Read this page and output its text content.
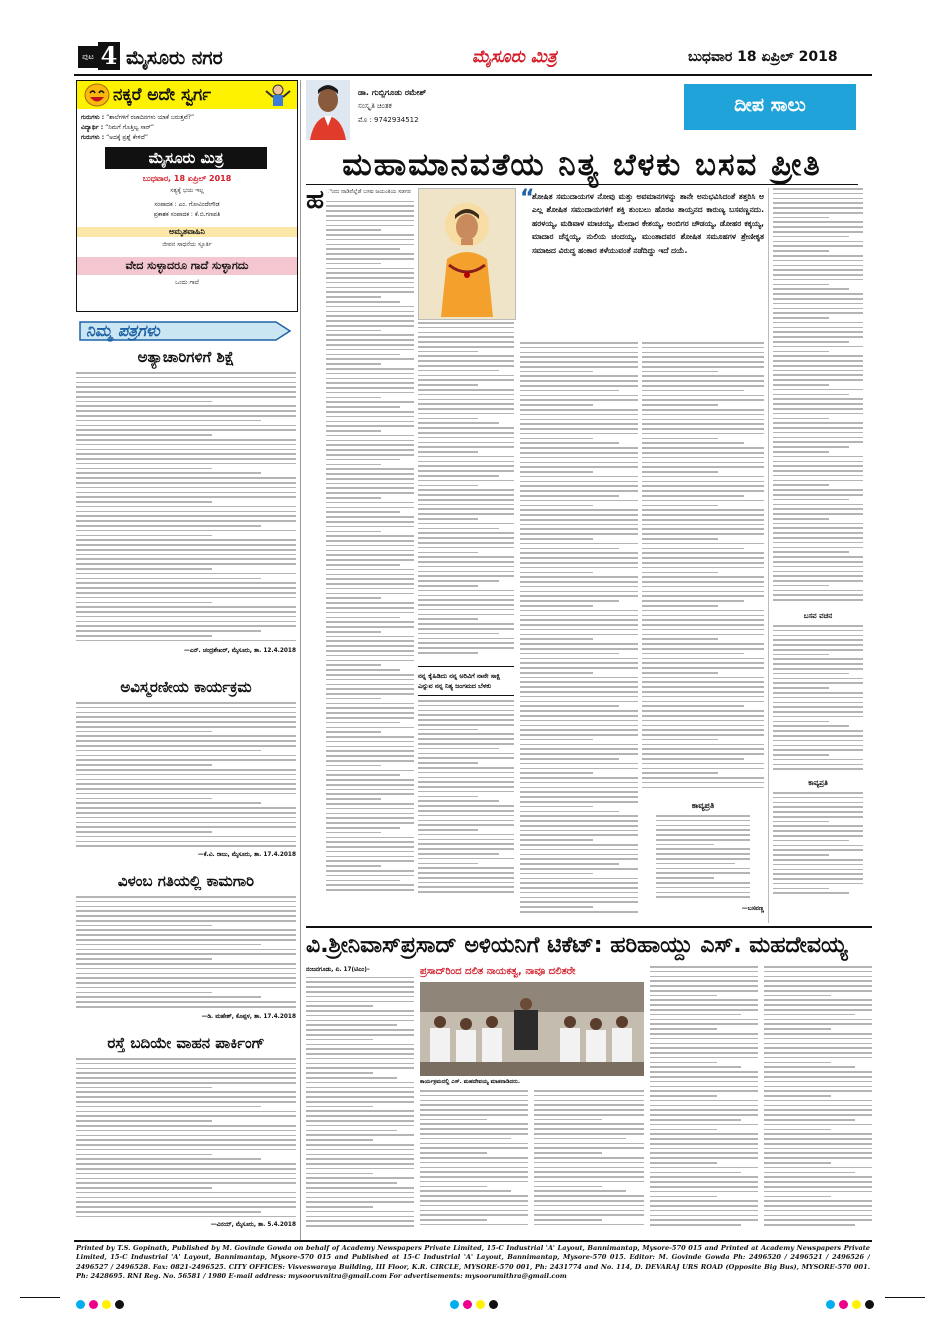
ಪುಟ 4 ಮೈಸೂರು ನಗರ	ಮೈಸೂರು ಮಿತ್ರ	ಬುಧವಾರ 18 ಏಪ್ರಿಲ್ 2018
ನಕ್ಕರೆ ಅದೇ ಸ್ವರ್ಗ
ಗುರುಗಳು : “ಶಾಲೆಗಳಿಗೆ ರಜಾದಿನಗಳು ಯಾಕೆ ಬರುತ್ತವೆ?”
ವಿದ್ಯಾರ್ಥಿ : “ನಿಮಗೆ ಗೊತ್ತಿಲ್ವ ಸಾರ್”
ಗುರುಗಳು : “ಅದಕ್ಕೆ ಪ್ರಶ್ನೆ ಕೇಳಿದೆ”
ಮೈಸೂರು ಮಿತ್ರ
ಬುಧವಾರ, 18 ಏಪ್ರಿಲ್ 2018
ಸತ್ಯಕ್ಕೆ ಭಯ ಇಲ್ಲ
ಸಂಪಾದಕ : ಎಂ. ಗೋವಿಂದೇಗೌಡ
ಪ್ರಕಾಶಕ ಸಂಪಾದಕ : ಕೆ.ಬಿ.ಗಣಪತಿ
ಅಮೃತವಾಹಿನಿ
ಜೀವನ ಸಾಧನೆಯ ಸ್ಫೂರ್ತಿ
ವೇದ ಸುಳ್ಳಾದರೂ ಗಾದೆ ಸುಳ್ಳಾಗದು
ಒಂದು ಗಾದೆ
ನಿಮ್ಮ ಪತ್ರಗಳು
ಅತ್ಯಾಚಾರಿಗಳಿಗೆ ಶಿಕ್ಷೆ
—ಎನ್. ಚಂದ್ರಶೇಖರ್, ಮೈಸೂರು, ತಾ. 12.4.2018
ಅವಿಸ್ಮರಣೀಯ ಕಾರ್ಯಕ್ರಮ
—ಕೆ.ವಿ. ರಾಜು, ಮೈಸೂರು, ತಾ. 17.4.2018
ವಿಳಂಬ ಗತಿಯಲ್ಲಿ ಕಾಮಗಾರಿ
—ಡಿ. ಮಹೇಶ್, ಕೊಪ್ಪಳ, ತಾ. 17.4.2018
ರಸ್ತೆ ಬದಿಯೇ ವಾಹನ ಪಾರ್ಕಿಂಗ್
—ವಿನಯ್, ಮೈಸೂರು, ತಾ. 5.4.2018
ಡಾ. ಗುಬ್ಬಿಗೂಡು ರಮೇಶ್
ಸಂಸ್ಕೃತಿ ಚಿಂತಕ
ಮೊ : 9742934512
ದೀಪ ಸಾಲು
ಮಹಾಮಾನವತೆಯ ನಿತ್ಯ ಬೆಳಕು ಬಸವ ಪ್ರೀತಿ
ಹ ಿಂದು ನಾಡಿನೆಲ್ಲೆಡೆ ಬಸವ ಜಯಂತಿಯ ಸಡಗರ
ನನ್ನ ಕೈಹಿಡಿದು ನನ್ನ ಅರಿವಿಗೆ ನಾನೇ ಸಾಕ್ಷಿ ಎನ್ನುವ ನನ್ನ ನಿತ್ಯ ಜಂಗಮದ ಬೆಳಕು
“
ಶೋಷಿತ ಸಮುದಾಯಗಳ ನೋವು ಮತ್ತು ಅವಮಾನಗಳನ್ನು ತಾನೇ ಅನುಭವಿಸಿದಂತೆ ತತ್ತರಿಸಿ ಆ ಎಲ್ಲ ಶೋಷಿತ ಸಮುದಾಯಗಳಿಗೆ ಶಕ್ತಿ ತುಂಬಲು ಹೊರಟ ತಾಯ್ತನದ ಕಾರುಣ್ಯ ಬಸವಣ್ಣನದು. ಹರಳಯ್ಯ, ಮಡಿವಾಳ ಮಾಚಯ್ಯ, ಮೇದಾರ ಕೇತಯ್ಯ, ಅಂಬಿಗರ ಚೌಡಯ್ಯ, ಡೋಹರ ಕಕ್ಕಯ್ಯ, ಮಾದಾರ ಚೆನ್ನಯ್ಯ, ನುಲಿಯ ಚಂದಯ್ಯ, ಮುಂತಾದವರ ಶೋಷಿತ ಸಮೂಹಗಳ ಶ್ರೇಣೀಕೃತ ಸಮಾಜದ ವಿರುದ್ಧ ಹಂಕಾರ ತಳೆಯುವಂತೆ ನಡೆದಿದ್ದು ಇದೆ ದಯೆ.
ಕಾವ್ಯಪ್ರತಿ
—ಬಸವಣ್ಣ
ಬಸವ ವಚನ
ಕಾವ್ಯಪ್ರತಿ
ವಿ.ಶ್ರೀನಿವಾಸ್‌ಪ್ರಸಾದ್ ಅಳಿಯನಿಗೆ ಟಿಕೆಟ್: ಹರಿಹಾಯ್ದು ಎಸ್. ಮಹದೇವಯ್ಯ
ನಂಜನಗೂಡು, ಏ. 17(ಟಿಎಂ)–	ಪ್ರಸಾದ್‌ರಿಂದ ದಲಿತ ನಾಯಕತ್ವ, ನಾವೂ ದಲಿತರೇ
ಕಾರ್ಯಕ್ರಮದಲ್ಲಿ ಎಸ್. ಮಹದೇವಯ್ಯ ಮಾತನಾಡಿದರು.
Printed by T.S. Gopinath, Published by M. Govinde Gowda on behalf of Academy Newspapers Private Limited, 15-C Industrial 'A' Layout, Bannimantap, Mysore-570 015 and Printed at Academy Newspapers Private Limited, 15-C Industrial 'A' Layout, Bannimantap, Mysore-570 015 and Published at 15-C Industrial 'A' Layout, Bannimantap, Mysore-570 015. Editor: M. Govinde Gowda Ph: 2496520 / 2496521 / 2496526 / 2496527 / 2496528. Fax: 0821-2496525. CITY OFFICES: Visveswaraya Building, III Floor, K.R. CIRCLE, MYSORE-570 001, Ph: 2431774 and No. 114, D. DEVARAJ URS ROAD (Opposite Big Bus), MYSORE-570 001. Ph: 2428695. RNI Reg. No. 56581 / 1980 E-mail address: mysooruvnitra@gmail.com For advertisements: mysoorumithra@gmail.com
